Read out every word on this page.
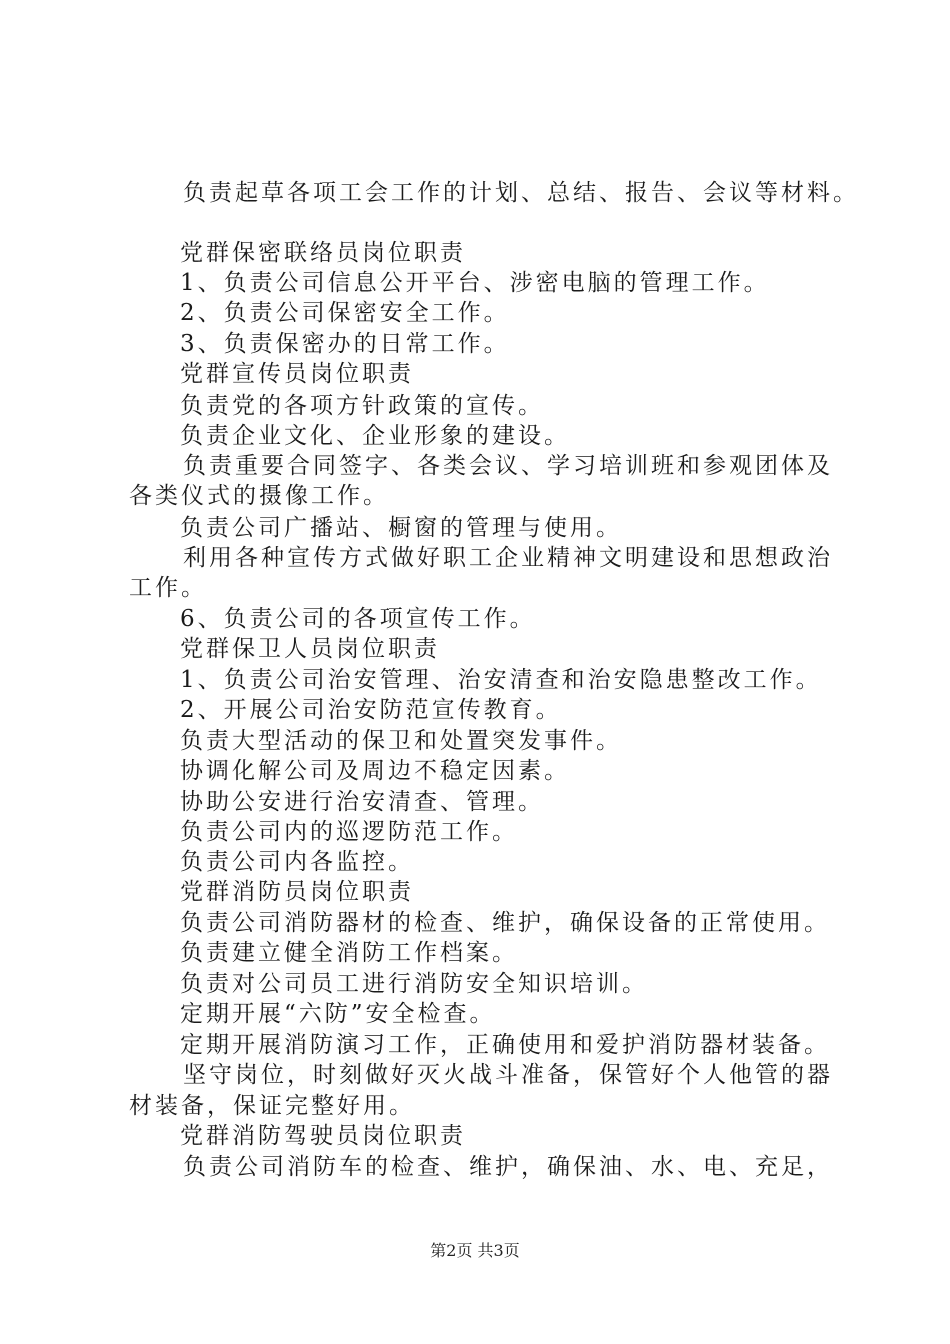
负责起草各项工会工作的计划、总结、报告、会议等材料。
党群保密联络员岗位职责
1、负责公司信息公开平台、涉密电脑的管理工作。
2、负责公司保密安全工作。
3、负责保密办的日常工作。
党群宣传员岗位职责
负责党的各项方针政策的宣传。
负责企业文化、企业形象的建设。
负责重要合同签字、各类会议、学习培训班和参观团体及
各类仪式的摄像工作。
负责公司广播站、橱窗的管理与使用。
利用各种宣传方式做好职工企业精神文明建设和思想政治
工作。
6、负责公司的各项宣传工作。
党群保卫人员岗位职责
1、负责公司治安管理、治安清查和治安隐患整改工作。
2、开展公司治安防范宣传教育。
负责大型活动的保卫和处置突发事件。
协调化解公司及周边不稳定因素。
协助公安进行治安清查、管理。
负责公司内的巡逻防范工作。
负责公司内各监控。
党群消防员岗位职责
负责公司消防器材的检查、维护，确保设备的正常使用。
负责建立健全消防工作档案。
负责对公司员工进行消防安全知识培训。
定期开展“六防”安全检查。
定期开展消防演习工作，正确使用和爱护消防器材装备。
坚守岗位，时刻做好灭火战斗准备，保管好个人他管的器
材装备，保证完整好用。
党群消防驾驶员岗位职责
负责公司消防车的检查、维护，确保油、水、电、充足，
第2页 共3页
